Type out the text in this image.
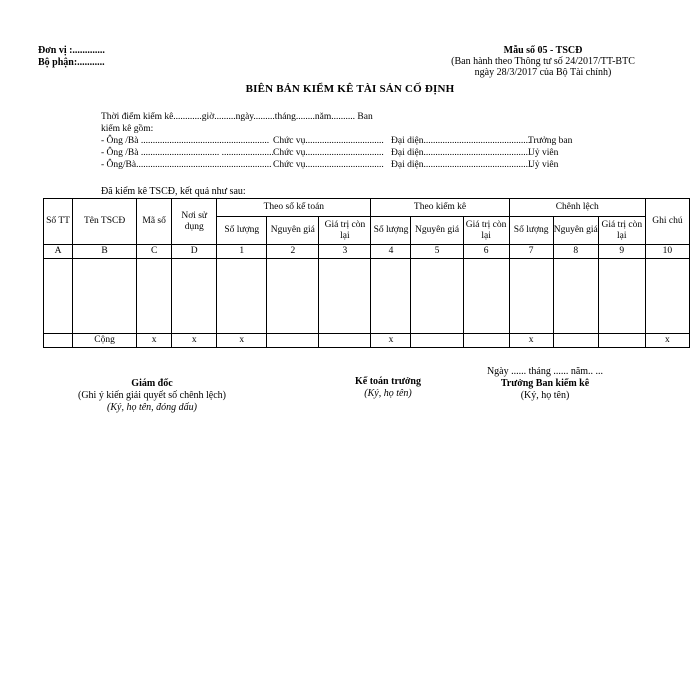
Đơn vị :.............
Bộ phận:...........
Mẫu số 05 - TSCĐ
(Ban hành theo Thông tư số 24/2017/TT-BTC
ngày 28/3/2017 của Bộ Tài chính)
BIÊN BẢN KIỂM KÊ TÀI SẢN CỐ ĐỊNH
Thời điểm kiểm kê............giờ.........ngày.........tháng........năm.......... Ban
kiểm kê gồm:
- Ông /Bà ...................................................... Chức vụ................................. Đại diện.............................................Trưởng ban
- Ông /Bà ................................. ......................Chức vụ................................. Đại diện.............................................Uỷ viên
- Ông/Bà......................................................... Chức vụ................................. Đại diện..............................................Uỷ viên
Đã kiểm kê TSCĐ, kết quả như sau:
Số TT	Tên TSCĐ	Mã số	Nơi sử dụng	Theo sổ kế toán			Theo kiểm kê			Chênh lệch			Ghi chú
				Số lượng	Nguyên giá	Giá trị còn lại	Số lượng	Nguyên giá	Giá trị còn lại	Số lượng	Nguyên giá	Giá trị còn lại	
A	B	C	D	1	2	3	4	5	6	7	8	9	10

	Cộng	x	x	x			x			x			x
Ngày ...... tháng ...... năm.. ...
Giám đốc
(Ghi ý kiến giải quyết số chênh lệch)
(Ký, họ tên, đóng dấu)
Kế toán trưởng
(Ký, họ tên)
Trưởng Ban kiểm kê
(Ký, họ tên)
